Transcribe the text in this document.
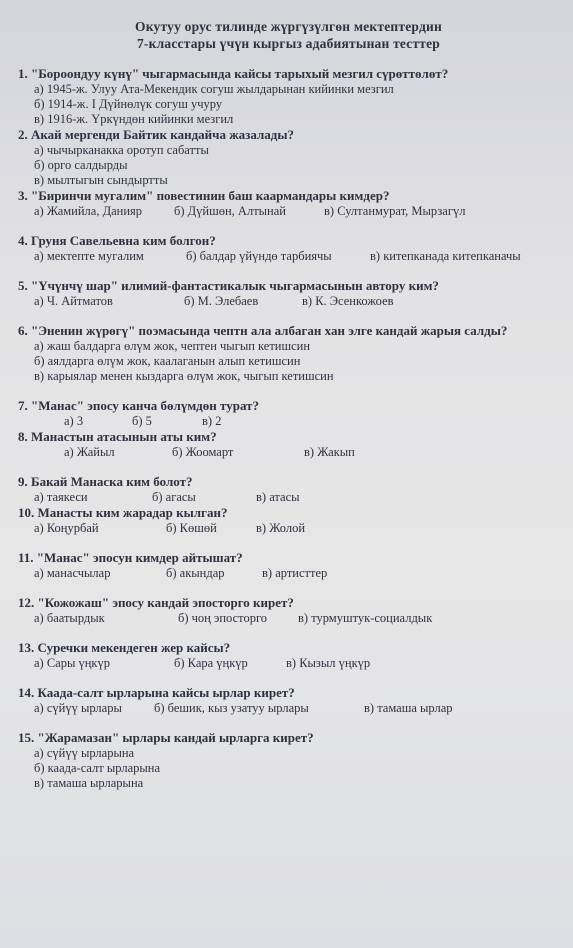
Окутуу орус тилинде жүргүзүлгөн мектептердин
7-класстары үчүн кыргыз адабиятынан тесттер
1. "Бороондуу күнү" чыгармасында кайсы тарыхый мезгил сүрөттөлөт?
а) 1945-ж. Улуу Ата-Мекендик согуш жылдарынан кийинки мезгил
б) 1914-ж. I Дүйнөлүк согуш учуру
в) 1916-ж. Үркүндөн кийинки мезгил
2. Акай мергенди Байтик кандайча жазалады?
а) чычырканакка оротуп сабатты
б) орго салдырды
в) мылтыгын сындыртты
3. "Биринчи мугалим" повестинин баш каармандары кимдер?
а) Жамийла, Данияр	б) Дүйшөн, Алтынай	в) Султанмурат, Мырзагүл
4. Груня Савельевна ким болгон?
а) мектепте мугалим	б) балдар үйүндө тарбиячы	в) китепканада китепканачы
5. "Үчүнчү шар" илимий-фантастикалык чыгармасынын автору ким?
а) Ч. Айтматов	б) М. Элебаев	в) К. Эсенкожоев
6. "Эненин жүрөгү" поэмасында чептн ала албаган хан элге кандай жарыя салды?
а) жаш балдарга өлүм жок, чептен чыгып кетишсин
б) аялдарга өлүм жок, каалаганын алып кетишсин
в) карыялар менен кыздарга өлүм жок, чыгып кетишсин
7. "Манас" эпосу канча бөлүмдөн турат?
а) 3	б) 5	в) 2
8. Манастын атасынын аты ким?
а) Жайыл	б) Жоомарт	в) Жакып
9. Бакай Манаска ким болот?
а) таякеси	б) агасы	в) атасы
10. Манасты ким жарадар кылган?
а) Коңурбай	б) Көшөй	в) Жолой
11. "Манас" эпосун кимдер айтышат?
а) манасчылар	б) акындар	в) артисттер
12. "Кожожаш" эпосу кандай эпосторго кирет?
а) баатырдык	б) чоң эпосторго в) турмуштук-социалдык
13. Суречки мекендеген жер кайсы?
а) Сары үңкүр	б) Кара үңкүр	в) Кызыл үңкүр
14. Каада-салт ырларына кайсы ырлар кирет?
а) сүйүү ырлары	б) бешик, кыз узатуу ырлары	в) тамаша ырлар
15. "Жарамазан" ырлары кандай ырларга кирет?
а) сүйүү ырларына
б) каада-салт ырларына
в) тамаша ырларына
